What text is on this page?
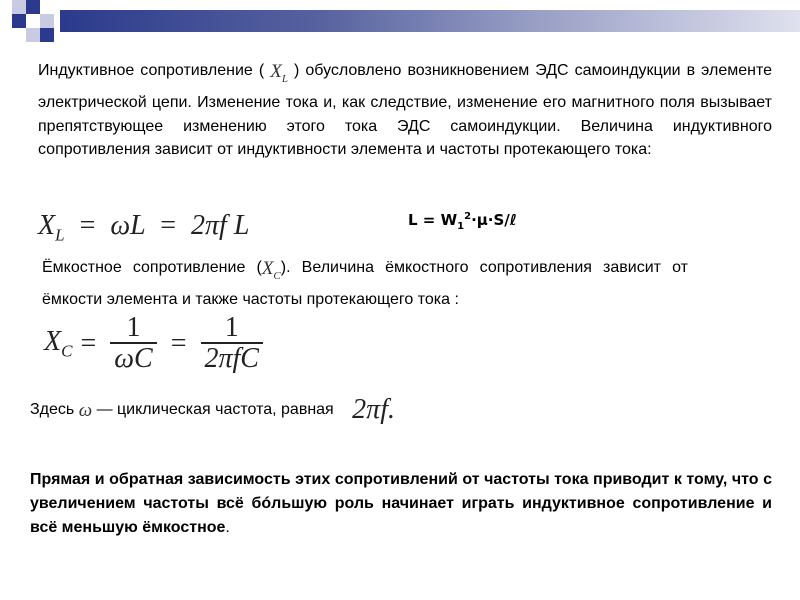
Индуктивное сопротивление ( $X_L$ ) обусловлено возникновением ЭДС самоиндукции в элементе электрической цепи. Изменение тока и, как следствие, изменение его магнитного поля вызывает препятствующее изменению этого тока ЭДС самоиндукции. Величина индуктивного сопротивления зависит от индуктивности элемента и частоты протекающего тока:
$X_L = \omega L = 2\pi f$ L	$L = W_1^2\cdot\mu\cdot S/\ell$
Ёмкостное сопротивление $(X_C)$. Величина ёмкостного сопротивления зависит от ёмкости элемента и также частоты протекающего тока :
$X_C = \frac{1}{\omega C} = \frac{1}{\text{2πfC}}$
Здесь ω — циклическая частота, равная 2πf.
Прямая и обратная зависимость этих сопротивлений от частоты тока приводит к тому, что с увеличением частоты всё бóльшую роль начинает играть индуктивное сопротивление и всё меньшую ёмкостное.
